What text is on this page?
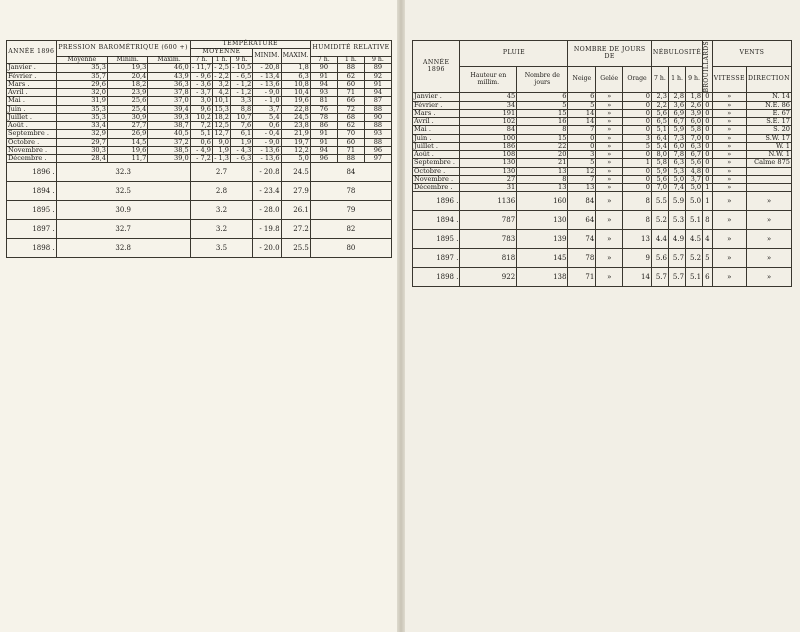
ANNÉE 1896	PRESSION BAROMÉTRIQUE (600 +)			TEMPÉRATURE					HUMIDITÉ RELATIVE		
				MOYENNE			MINIM.	MAXIM.			
	Moyenne	Minim.	Maxim.	7 h.	1 h.	9 h.			7 h.	1 h.	9 h.
Janvier .	35,3	19,3	46,0	- 11,7	- 2,5	- 10,5	- 20,8	1,8	90	88	89
Février .	35,7	20,4	43,9	- 9,6	- 2,2	- 6,5	- 13,4	6,3	91	62	92
Mars .	29,6	18,2	36,3	- 3,6	3,2	- 1,2	- 13,6	10,8	94	60	91
Avril .	32,0	23,9	37,8	- 3,7	4,2	- 1,2	- 9,0	10,4	93	71	94
Mai .	31,9	25,6	37,0	3,0	10,1	3,3	- 1,0	19,6	81	66	87
Juin .	35,3	25,4	39,4	9,6	15,3	8,8	3,7	22,8	76	72	88
Juillet .	35,3	30,9	39,3	10,2	18,2	10,7	5,4	24,5	78	68	90
Août .	33,4	27,7	38,7	7,2	12,5	7,6	0,6	23,8	86	62	88
Septembre .	32,9	26,9	40,5	5,1	12,7	6,1	- 0,4	21,9	91	70	93
Octobre .	29,7	14,5	37,2	0,6	9,0	1,9	- 9,0	19,7	91	60	88
Novembre .	30,3	19,6	38,5	- 4,9	1,9	- 4,3	- 13,6	12,2	94	71	96
Décembre .	28,4	11,7	39,0	- 7,2	- 1,3	- 6,3	- 13,6	5,0	96	88	97
1896 .	32.3			2.7			- 20.8	24.5	84		
1894 .	32.5			2.8			- 23.4	27.9	78		
1895 .	30.9			3.2			- 28.0	26.1	79		
1897 .	32.7			3.2			- 19.8	27.2	82		
1898 .	32.8			3.5			- 20.0	25.5	80		
ANNÉE 1896	PLUIE		NOMBRE DE JOURS DE			NÉBULOSITÉ			BROUILLARDS	VENTS	
	Hauteur en millim.	Nombre de jours	Neige	Gelée	Orage	7 h.	1 h.	9 h.		VITESSE	DIRECTION
Janvier .	45	6	6	»	0	2,3	2,8	1,8	0	»	N. 14
Février .	34	5	5	»	0	2,2	3,6	2,6	0	»	N.E. 86
Mars .	191	15	14	»	0	5,6	6,9	3,9	0	»	E. 67
Avril .	102	16	14	»	0	6,5	6,7	6,0	0	»	S.E. 17
Mai .	84	8	7	»	0	5,1	5,9	5,8	0	»	S. 20
Juin .	100	15	0	»	3	6,4	7,3	7,0	0	»	S.W. 17
Juillet .	186	22	0	»	5	5,4	6,0	6,3	0	»	W. 1
Août .	108	20	3	»	0	8,0	7,8	6,7	0	»	N.W. 1
Septembre .	130	21	5	»	1	5,8	6,3	5,6	0	»	Calme 875
Octobre .	130	13	12	»	0	5,9	5,3	4,8	0	»	
Novembre .	27	8	7	»	0	5,6	5,0	3,7	0	»	
Décembre .	31	13	13	»	0	7,0	7,4	5,0	1	»	
1896 .	1136	160	84	»	8	5.5	5.9	5.0	1	»	»
1894 .	787	130	64	»	8	5.2	5.3	5.1	8	»	»
1895 .	783	139	74	»	13	4.4	4.9	4.5	4	»	»
1897 .	818	145	78	»	9	5.6	5.7	5.2	5	»	»
1898 .	922	138	71	»	14	5.7	5.7	5.1	6	»	»
